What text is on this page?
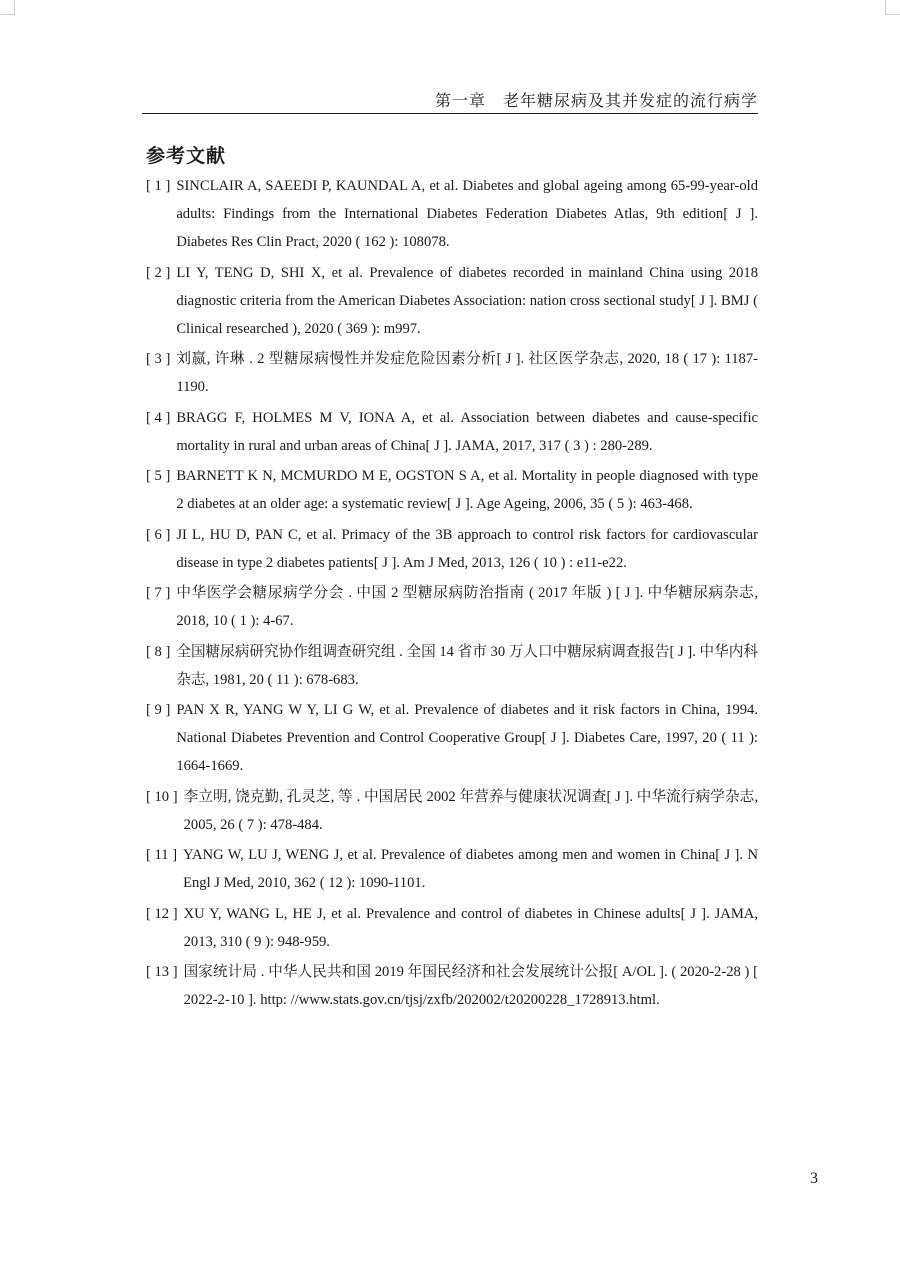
第一章　老年糖尿病及其并发症的流行病学
参考文献
[ 1 ] SINCLAIR A, SAEEDI P, KAUNDAL A, et al. Diabetes and global ageing among 65-99-year-old adults: Findings from the International Diabetes Federation Diabetes Atlas, 9th edition[ J ]. Diabetes Res Clin Pract, 2020 ( 162 ): 108078.
[ 2 ] LI Y, TENG D, SHI X, et al. Prevalence of diabetes recorded in mainland China using 2018 diagnostic criteria from the American Diabetes Association: nation cross sectional study[ J ]. BMJ ( Clinical researched ), 2020 ( 369 ): m997.
[ 3 ] 刘嬴, 许琳 . 2 型糖尿病慢性并发症危险因素分析[ J ]. 社区医学杂志, 2020, 18 ( 17 ): 1187-1190.
[ 4 ] BRAGG F, HOLMES M V, IONA A, et al. Association between diabetes and cause-specific mortality in rural and urban areas of China[ J ]. JAMA, 2017, 317 ( 3 ) : 280-289.
[ 5 ] BARNETT K N, MCMURDO M E, OGSTON S A, et al. Mortality in people diagnosed with type 2 diabetes at an older age: a systematic review[ J ]. Age Ageing, 2006, 35 ( 5 ): 463-468.
[ 6 ] JI L, HU D, PAN C, et al. Primacy of the 3B approach to control risk factors for cardiovascular disease in type 2 diabetes patients[ J ]. Am J Med, 2013, 126 ( 10 ) : e11-e22.
[ 7 ] 中华医学会糖尿病学分会 . 中国 2 型糖尿病防治指南 ( 2017 年版 ) [ J ]. 中华糖尿病杂志, 2018, 10 ( 1 ): 4-67.
[ 8 ] 全国糖尿病研究协作组调查研究组 . 全国 14 省市 30 万人口中糖尿病调查报告[ J ]. 中华内科杂志, 1981, 20 ( 11 ): 678-683.
[ 9 ] PAN X R, YANG W Y, LI G W, et al. Prevalence of diabetes and it risk factors in China, 1994. National Diabetes Prevention and Control Cooperative Group[ J ]. Diabetes Care, 1997, 20 ( 11 ): 1664-1669.
[ 10 ] 李立明, 饶克勤, 孔灵芝, 等 . 中国居民 2002 年营养与健康状况调查[ J ]. 中华流行病学杂志, 2005, 26 ( 7 ): 478-484.
[ 11 ] YANG W, LU J, WENG J, et al. Prevalence of diabetes among men and women in China[ J ]. N Engl J Med, 2010, 362 ( 12 ): 1090-1101.
[ 12 ] XU Y, WANG L, HE J, et al. Prevalence and control of diabetes in Chinese adults[ J ]. JAMA, 2013, 310 ( 9 ): 948-959.
[ 13 ] 国家统计局 . 中华人民共和国 2019 年国民经济和社会发展统计公报[ A/OL ]. ( 2020-2-28 ) [ 2022-2-10 ]. http: //www.stats.gov.cn/tjsj/zxfb/202002/t20200228_1728913.html.
3
